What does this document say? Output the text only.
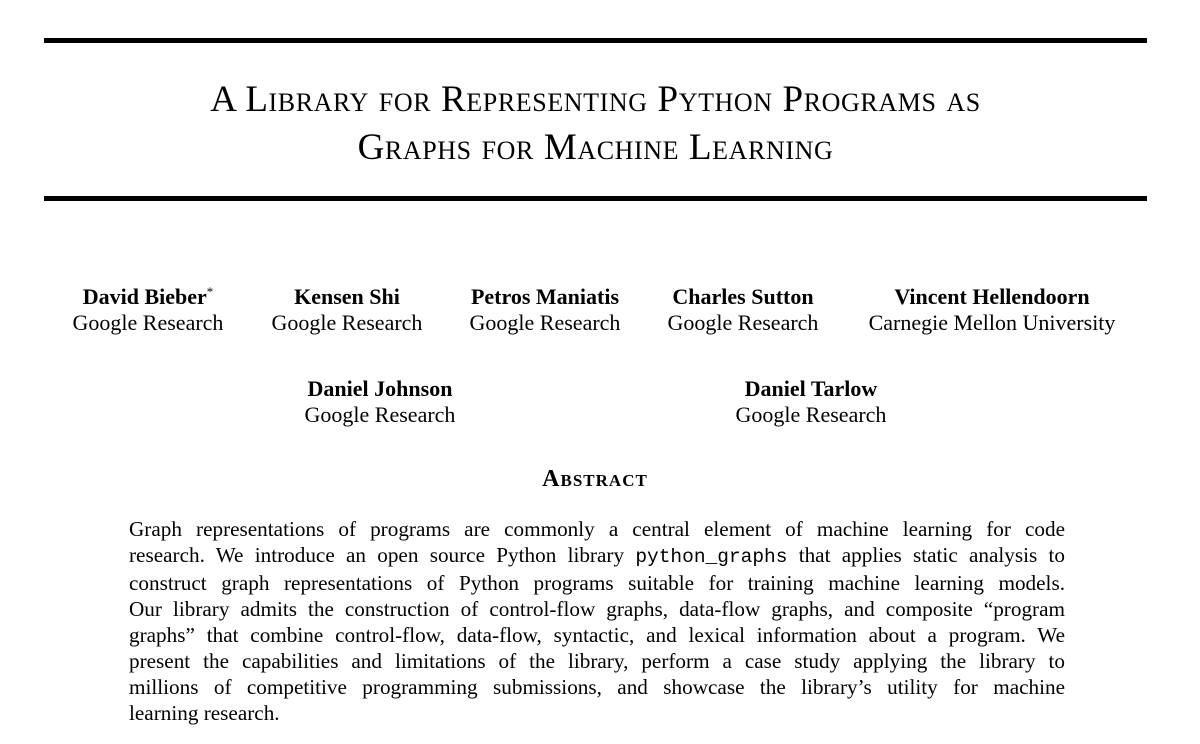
A Library for Representing Python Programs as
Graphs for Machine Learning
David Bieber*
Google Research
Kensen Shi
Google Research
Petros Maniatis
Google Research
Charles Sutton
Google Research
Vincent Hellendoorn
Carnegie Mellon University
Daniel Johnson
Google Research
Daniel Tarlow
Google Research
Abstract
Graph representations of programs are commonly a central element of machine learning for code
research. We introduce an open source Python library python_graphs that applies static analysis to
construct graph representations of Python programs suitable for training machine learning models.
Our library admits the construction of control-flow graphs, data-flow graphs, and composite “program
graphs” that combine control-flow, data-flow, syntactic, and lexical information about a program. We
present the capabilities and limitations of the library, perform a case study applying the library to
millions of competitive programming submissions, and showcase the library’s utility for machine
learning research.
